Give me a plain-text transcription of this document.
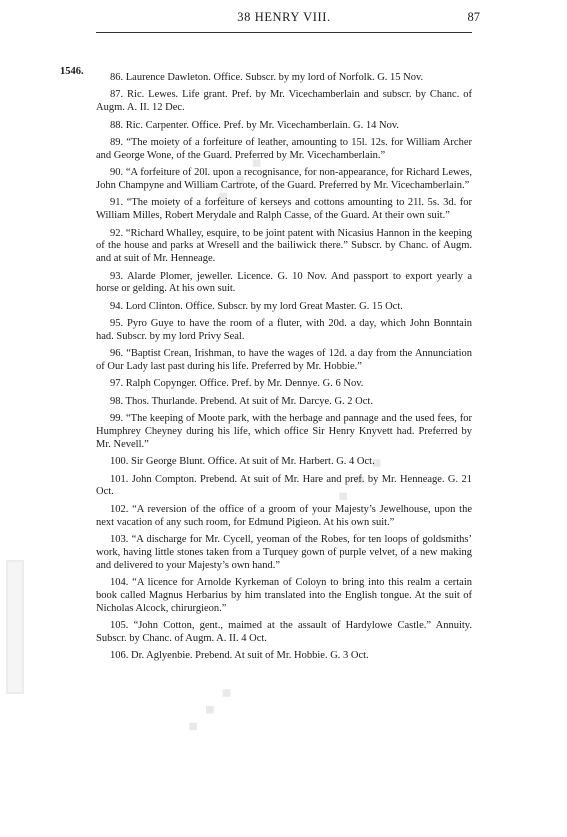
◆ ◆ ◆
◆ ◆ ◆
◆ ◆ ◆
38 HENRY VIII.	87
1546.

86. Laurence Dawleton. Office. Subscr. by my lord of Norfolk. G. 15 Nov.

87. Ric. Lewes. Life grant. Pref. by Mr. Vicechamberlain and subscr. by Chanc. of Augm. A. II. 12 Dec.

88. Ric. Carpenter. Office. Pref. by Mr. Vicechamberlain. G. 14 Nov.

89. “The moiety of a forfeiture of leather, amounting to 15l. 12s. for William Archer and George Wone, of the Guard. Preferred by Mr. Vicechamberlain.”

90. “A forfeiture of 20l. upon a recognisance, for non-appearance, for Richard Lewes, John Champyne and William Cartrote, of the Guard. Preferred by Mr. Vicechamberlain.”

91. “The moiety of a forfeiture of kerseys and cottons amounting to 21l. 5s. 3d. for William Milles, Robert Merydale and Ralph Casse, of the Guard. At their own suit.”

92. “Richard Whalley, esquire, to be joint patent with Nicasius Hannon in the keeping of the house and parks at Wresell and the bailiwick there.” Subscr. by Chanc. of Augm. and at suit of Mr. Henneage.

93. Alarde Plomer, jeweller. Licence. G. 10 Nov. And passport to export yearly a horse or gelding. At his own suit.

94. Lord Clinton. Office. Subscr. by my lord Great Master. G. 15 Oct.

95. Pyro Guye to have the room of a fluter, with 20d. a day, which John Bonntain had. Subscr. by my lord Privy Seal.

96. “Baptist Crean, Irishman, to have the wages of 12d. a day from the Annunciation of Our Lady last past during his life. Preferred by Mr. Hobbie.”

97. Ralph Copynger. Office. Pref. by Mr. Dennye. G. 6 Nov.

98. Thos. Thurlande. Prebend. At suit of Mr. Darcye. G. 2 Oct.

99. “The keeping of Moote park, with the herbage and pannage and the used fees, for Humphrey Cheyney during his life, which office Sir Henry Knyvett had. Preferred by Mr. Nevell.”

100. Sir George Blunt. Office. At suit of Mr. Harbert. G. 4 Oct.

101. John Compton. Prebend. At suit of Mr. Hare and pref. by Mr. Henneage. G. 21 Oct.

102. “A reversion of the office of a groom of your Majesty’s Jewelhouse, upon the next vacation of any such room, for Edmund Pigieon. At his own suit.”

103. “A discharge for Mr. Cycell, yeoman of the Robes, for ten loops of goldsmiths’ work, having little stones taken from a Turquey gown of purple velvet, of a new making and delivered to your Majesty’s own hand.”

104. “A licence for Arnolde Kyrkeman of Coloyn to bring into this realm a certain book called Magnus Herbarius by him translated into the English tongue. At the suit of Nicholas Alcock, chirurgieon.”

105. “John Cotton, gent., maimed at the assault of Hardylowe Castle.” Annuity. Subscr. by Chanc. of Augm. A. II. 4 Oct.

106. Dr. Aglyenbie. Prebend. At suit of Mr. Hobbie. G. 3 Oct.
